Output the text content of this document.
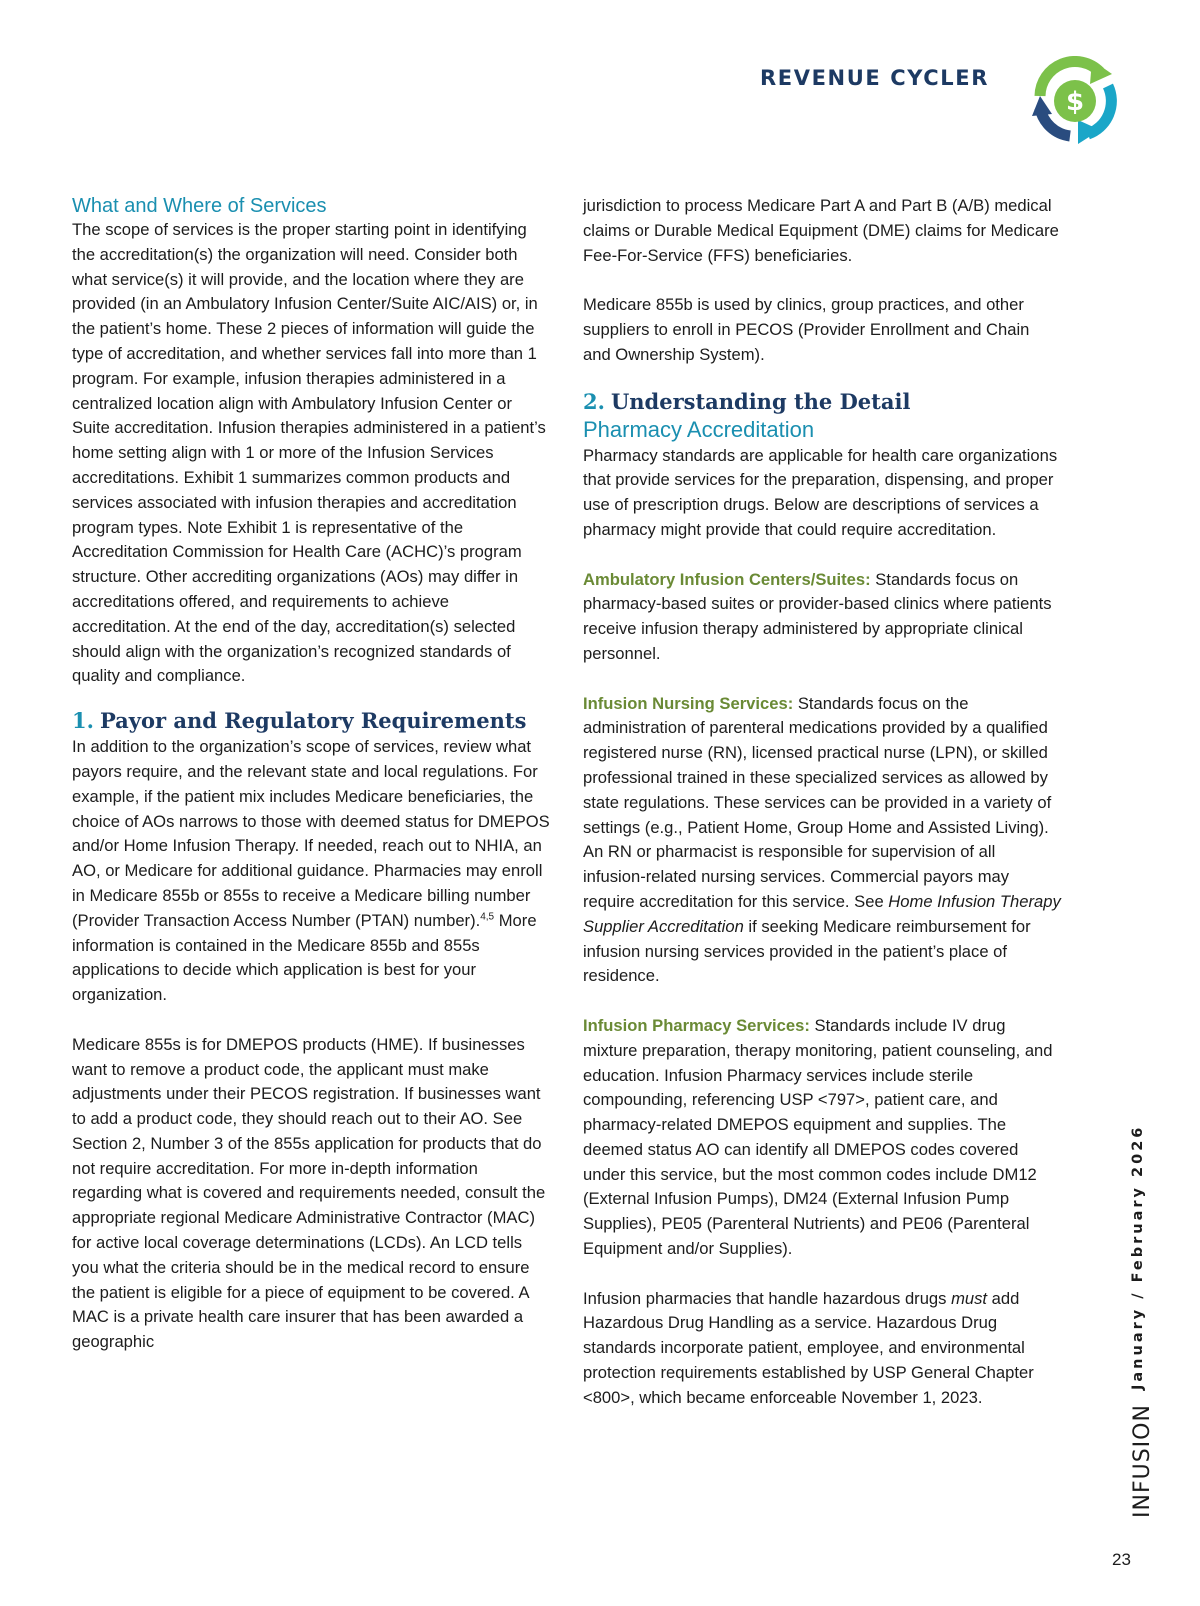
REVENUE CYCLER
$
What and Where of Services

The scope of services is the proper starting point in identifying the accreditation(s) the organization will need. Consider both what service(s) it will provide, and the location where they are provided (in an Ambulatory Infusion Center/Suite AIC/AIS) or, in the patient’s home. These 2 pieces of information will guide the type of accreditation, and whether services fall into more than 1 program. For example, infusion therapies administered in a centralized location align with Ambulatory Infusion Center or Suite accreditation. Infusion therapies administered in a patient’s home setting align with 1 or more of the Infusion Services accreditations. Exhibit 1 summarizes common products and services associated with infusion therapies and accreditation program types. Note Exhibit 1 is representative of the Accreditation Commission for Health Care (ACHC)’s program structure. Other accrediting organizations (AOs) may differ in accreditations offered, and requirements to achieve accreditation. At the end of the day, accreditation(s) selected should align with the organization’s recognized standards of quality and compliance.

1. Payor and Regulatory Requirements

In addition to the organization’s scope of services, review what payors require, and the relevant state and local regulations. For example, if the patient mix includes Medicare beneficiaries, the choice of AOs narrows to those with deemed status for DMEPOS and/or Home Infusion Therapy. If needed, reach out to NHIA, an AO, or Medicare for additional guidance. Pharmacies may enroll in Medicare 855b or 855s to receive a Medicare billing number (Provider Transaction Access Number (PTAN) number).$^{4,5}$ More information is contained in the Medicare 855b and 855s applications to decide which application is best for your organization.

Medicare 855s is for DMEPOS products (HME). If businesses want to remove a product code, the applicant must make adjustments under their PECOS registration. If businesses want to add a product code, they should reach out to their AO. See Section 2, Number 3 of the 855s application for products that do not require accreditation. For more in-depth information regarding what is covered and requirements needed, consult the appropriate regional Medicare Administrative Contractor (MAC) for active local coverage determinations (LCDs). An LCD tells you what the criteria should be in the medical record to ensure the patient is eligible for a piece of equipment to be covered. A MAC is a private health care insurer that has been awarded a geographic

jurisdiction to process Medicare Part A and Part B (A/B) medical claims or Durable Medical Equipment (DME) claims for Medicare Fee-For-Service (FFS) beneficiaries.

Medicare 855b is used by clinics, group practices, and other suppliers to enroll in PECOS (Provider Enrollment and Chain and Ownership System).

2. Understanding the Detail
Pharmacy Accreditation

Pharmacy standards are applicable for health care organizations that provide services for the preparation, dispensing, and proper use of prescription drugs. Below are descriptions of services a pharmacy might provide that could require accreditation.

Ambulatory Infusion Centers/Suites: Standards focus on pharmacy-based suites or provider-based clinics where patients receive infusion therapy administered by appropriate clinical personnel.

Infusion Nursing Services: Standards focus on the administration of parenteral medications provided by a qualified registered nurse (RN), licensed practical nurse (LPN), or skilled professional trained in these specialized services as allowed by state regulations. These services can be provided in a variety of settings (e.g., Patient Home, Group Home and Assisted Living). An RN or pharmacist is responsible for supervision of all infusion-related nursing services. Commercial payors may require accreditation for this service. See Home Infusion Therapy Supplier Accreditation if seeking Medicare reimbursement for infusion nursing services provided in the patient’s place of residence.

Infusion Pharmacy Services: Standards include IV drug mixture preparation, therapy monitoring, patient counseling, and education. Infusion Pharmacy services include sterile compounding, referencing USP <797>, patient care, and pharmacy-related DMEPOS equipment and supplies. The deemed status AO can identify all DMEPOS codes covered under this service, but the most common codes include DM12 (External Infusion Pumps), DM24 (External Infusion Pump Supplies), PE05 (Parenteral Nutrients) and PE06 (Parenteral Equipment and/or Supplies).

Infusion pharmacies that handle hazardous drugs must add Hazardous Drug Handling as a service. Hazardous Drug standards incorporate patient, employee, and environmental protection requirements established by USP General Chapter <800>, which became enforceable November 1, 2023.

January / February 2026
INFUSION
23
